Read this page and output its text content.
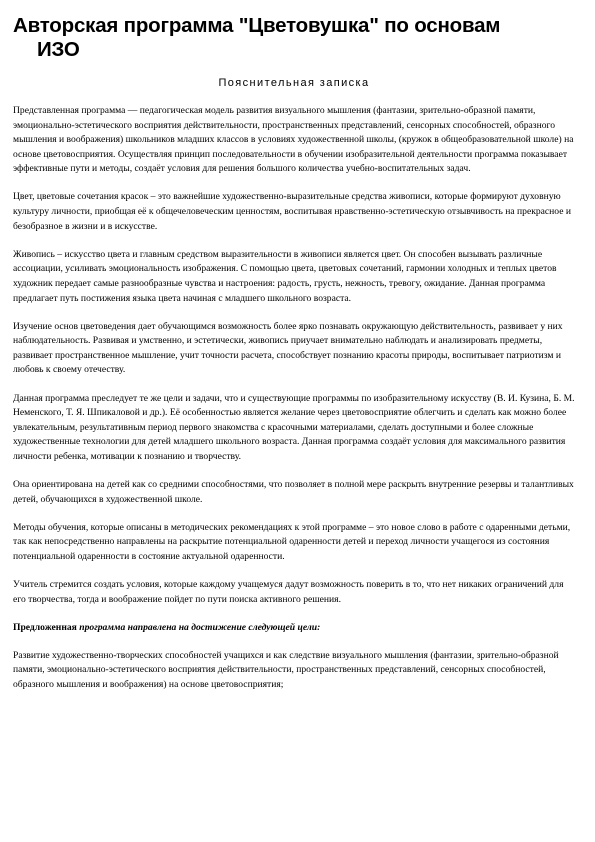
Авторская программа "Цветовушка" по основам
ИЗО
Пояснительная записка

Представленная программа — педагогическая модель развития визуального мышления (фантазии, зрительно-образной памяти, эмоционально-эстетического восприятия действительности, пространственных представлений, сенсорных способностей, образного мышления и воображения) школьников младших классов в условиях художественной школы, (кружок в общеобразовательной школе) на основе цветовосприятия. Осуществляя принцип последовательности в обучении изобразительной деятельности программа показывает эффективные пути и методы, создаёт условия для решения большого количества учебно-воспитательных задач.

Цвет, цветовые сочетания красок – это важнейшие художественно-выразительные средства живописи, которые формируют духовную культуру личности, приобщая её к общечеловеческим ценностям, воспитывая нравственно-эстетическую отзывчивость на прекрасное и безобразное в жизни и в искусстве.

Живопись – искусство цвета и главным средством выразительности в живописи является цвет. Он способен вызывать различные ассоциации, усиливать эмоциональность изображения. С помощью цвета, цветовых сочетаний, гармонии холодных и теплых цветов художник передает самые разнообразные чувства и настроения: радость, грусть, нежность, тревогу, ожидание. Данная программа предлагает путь постижения языка цвета начиная с младшего школьного возраста.

Изучение основ цветоведения дает обучающимся возможность более ярко познавать окружающую действительность, развивает у них наблюдательность. Развивая и умственно, и эстетически, живопись приучает внимательно наблюдать и анализировать предметы, развивает пространственное мышление, учит точности расчета, способствует познанию красоты природы, воспитывает патриотизм и любовь к своему отечеству.

Данная программа преследует те же цели и задачи, что и существующие программы по изобразительному искусству (В. И. Кузина, Б. М. Неменского, Т. Я. Шпикаловой и др.). Её особенностью является желание через цветовосприятие облегчить и сделать как можно более увлекательным, результативным период первого знакомства с красочными материалами, сделать доступными и более сложные художественные технологии для детей младшего школьного возраста. Данная программа создаёт условия для максимального развития личности ребенка, мотивации к познанию и творчеству.

Она ориентирована на детей как со средними способностями, что позволяет в полной мере раскрыть внутренние резервы и талантливых детей, обучающихся в художественной школе.

Методы обучения, которые описаны в методических рекомендациях к этой программе – это новое слово в работе с одаренными детьми, так как непосредственно направлены на раскрытие потенциальной одаренности детей и переход личности учащегося из состояния потенциальной одаренности в состояние актуальной одаренности.

Учитель стремится создать условия, которые каждому учащемуся дадут возможность поверить в то, что нет никаких ограничений для его творчества, тогда и воображение пойдет по пути поиска активного решения.

Предложенная программа направлена на достижение следующей цели:

Развитие художественно-творческих способностей учащихся и как следствие визуального мышления (фантазии, зрительно-образной памяти, эмоционально-эстетического восприятия действительности, пространственных представлений, сенсорных способностей, образного мышления и воображения) на основе цветовосприятия;
